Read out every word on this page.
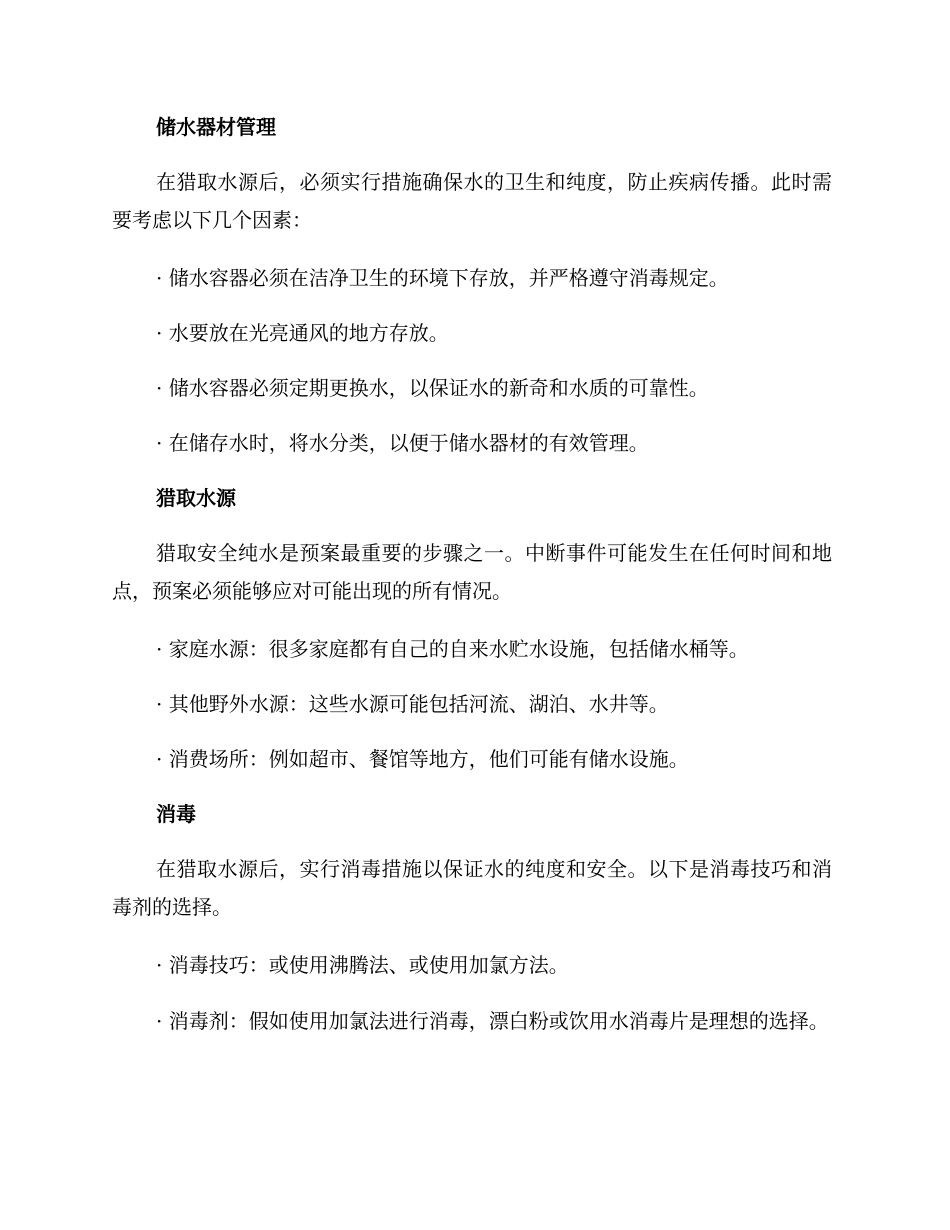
储水器材管理
在猎取水源后，必须实行措施确保水的卫生和纯度，防止疾病传播。此时需要考虑以下几个因素：
· 储水容器必须在洁净卫生的环境下存放，并严格遵守消毒规定。
· 水要放在光亮通风的地方存放。
· 储水容器必须定期更换水，以保证水的新奇和水质的可靠性。
· 在储存水时，将水分类，以便于储水器材的有效管理。
猎取水源
猎取安全纯水是预案最重要的步骤之一。中断事件可能发生在任何时间和地点，预案必须能够应对可能出现的所有情况。
· 家庭水源：很多家庭都有自己的自来水贮水设施，包括储水桶等。
· 其他野外水源：这些水源可能包括河流、湖泊、水井等。
· 消费场所：例如超市、餐馆等地方，他们可能有储水设施。
消毒
在猎取水源后，实行消毒措施以保证水的纯度和安全。以下是消毒技巧和消毒剂的选择。
· 消毒技巧：或使用沸腾法、或使用加氯方法。
· 消毒剂：假如使用加氯法进行消毒，漂白粉或饮用水消毒片是理想的选择。
